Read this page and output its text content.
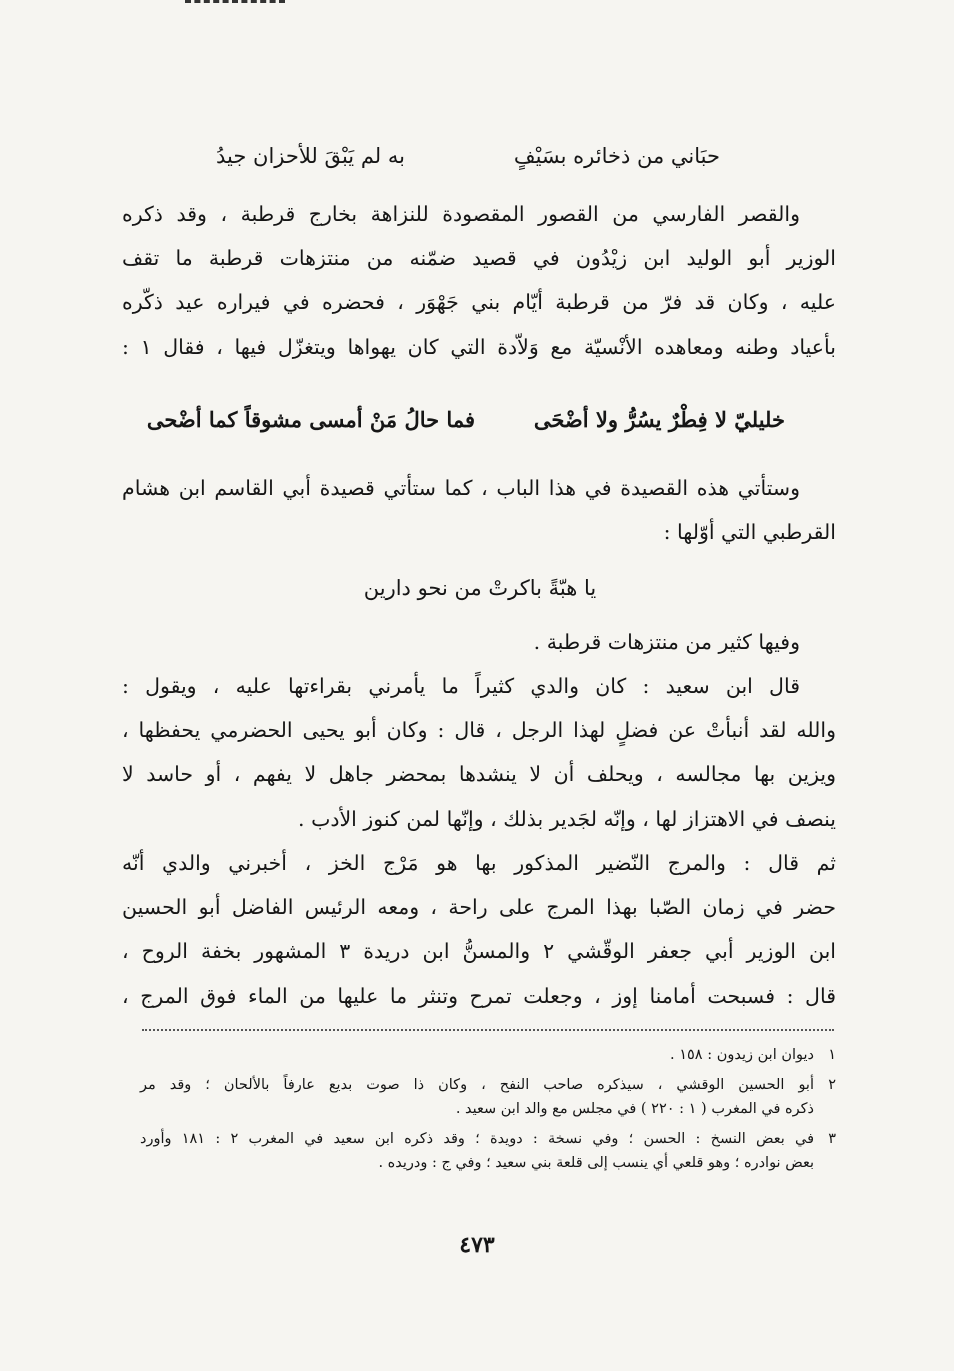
حبَاني من ذخائره بسَيْفٍ
به لم يَبْقَ للأحزان جيدُ
والقصر الفارسي من القصور المقصودة للنزاهة بخارج قرطبة ، وقد ذكره
الوزير أبو الوليد ابن زيْدُون في قصيد ضمّنه من منتزهات قرطبة ما تقف
عليه ، وكان قد فرّ من قرطبة أيّام بني جَهْوَر ، فحضره في فيراره عيد ذكّره
بأعياد وطنه ومعاهده الأنْسيّة مع وَلاّدة التي كان يهواها ويتغزّل فيها ، فقال ١ :
خليليّ لا فِطْرٌ يسُرُّ ولا أضْحَى
فما حالُ مَنْ أمسى مشوقاً كما أضْحى
وستأتي هذه القصيدة في هذا الباب ، كما ستأتي قصيدة أبي القاسم ابن هشام
القرطبي التي أوّلها :
يا هبّةً باكرتْ من نحو دارين
وفيها كثير من منتزهات قرطبة .
قال ابن سعيد : كان والدي كثيراً ما يأمرني بقراءتها عليه ، ويقول :
والله لقد أنبأتْ عن فضلٍ لهذا الرجل ، قال : وكان أبو يحيى الحضرمي يحفظها ،
ويزين بها مجالسه ، ويحلف أن لا ينشدها بمحضر جاهل لا يفهم ، أو حاسد لا
ينصف في الاهتزاز لها ، وإنّه لجَدير بذلك ، وإنّها لمن كنوز الأدب .
ثم قال : والمرج النّضير المذكور بها هو مَرْج الخز ، أخبرني والدي أنّه
حضر في زمان الصّبا بهذا المرج على راحة ، ومعه الرئيس الفاضل أبو الحسين
ابن الوزير أبي جعفر الوقّشي ٢ والمسنُّ ابن دريدة ٣ المشهور بخفة الروح ،
قال : فسبحت أمامنا إوز ، وجعلت تمرح وتنثر ما عليها من الماء فوق المرج ،
١
ديوان ابن زيدون : ١٥٨ .
٢
أبو الحسين الوقشي ، سيذكره صاحب النفح ، وكان ذا صوت بديع عارفاً بالألحان ؛ وقد مر
ذكره في المغرب ( ١ : ٢٢٠ ) في مجلس مع والد ابن سعيد .
٣
في بعض النسخ : الحسن ؛ وفي نسخة : دويدة ؛ وقد ذكره ابن سعيد في المغرب ٢ : ١٨١ وأورد
بعض نوادره ؛ وهو قلعي أي ينسب إلى قلعة بني سعيد ؛ وفي ج : ودريده .
٤٧٣
